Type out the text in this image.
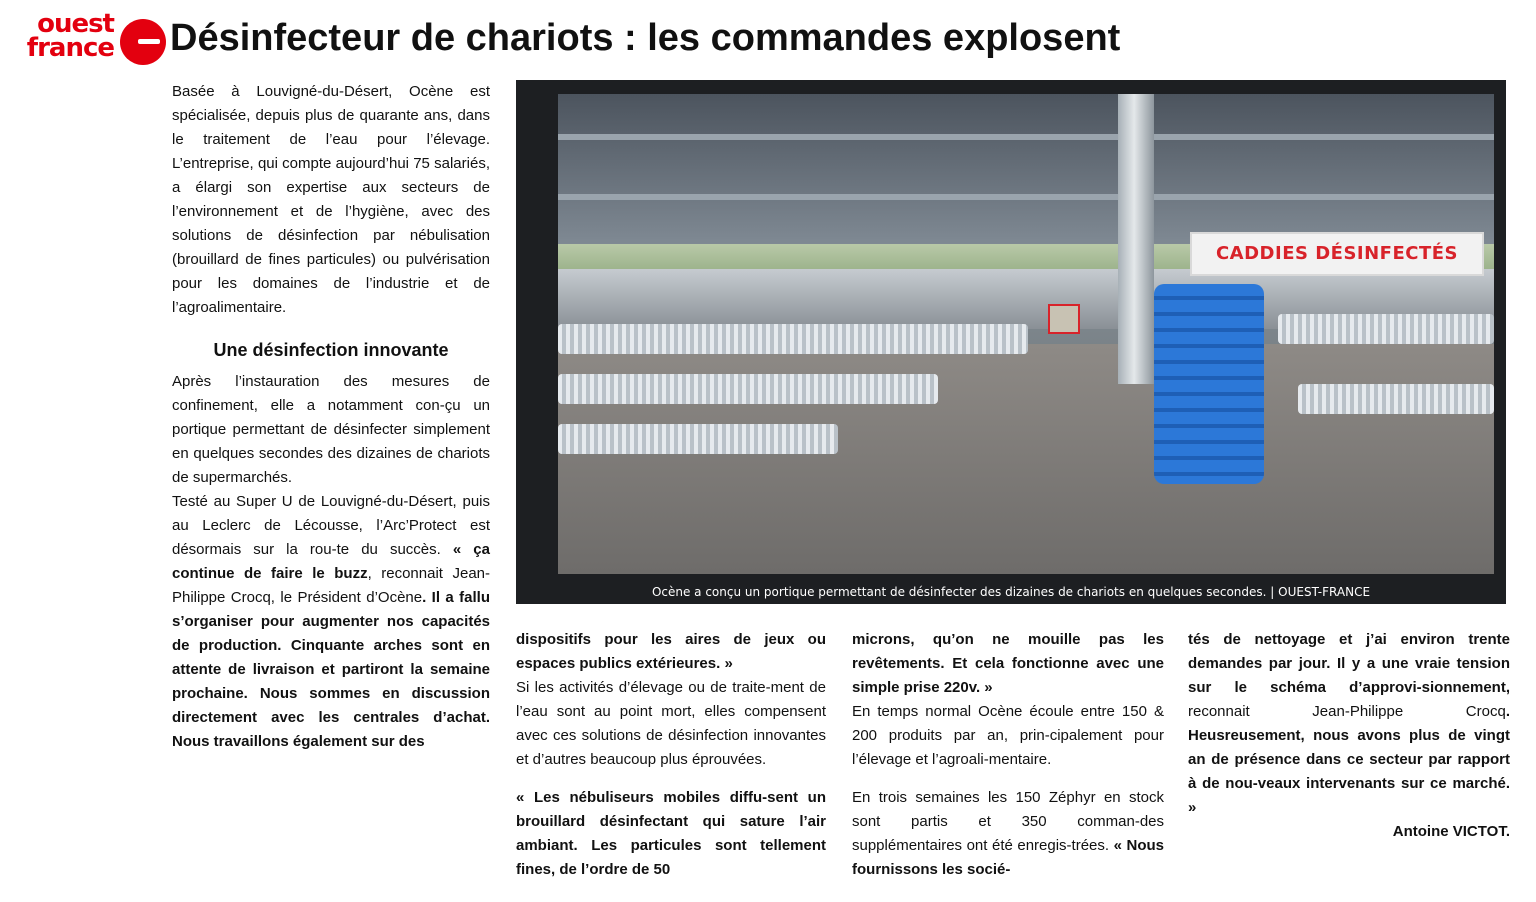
ouest
france Désinfecteur de chariots : les commandes explosent

Basée à Louvigné-du-Désert, Ocène est spécialisée, depuis plus de quarante ans, dans le traitement de l’eau pour l’élevage. L’entreprise, qui compte aujourd’hui 75 salariés, a élargi son expertise aux secteurs de l’environnement et de l’hygiène, avec des solutions de désinfection par nébulisation (brouillard de fines particules) ou pulvérisation pour les domaines de l’industrie et de l’agroalimentaire.

Une désinfection innovante

Après l’instauration des mesures de confinement, elle a notamment con-çu un portique permettant de désinfecter simplement en quelques secondes des dizaines de chariots de supermarchés.

Testé au Super U de Louvigné-du-Désert, puis au Leclerc de Lécousse, l’Arc’Protect est désormais sur la rou-te du succès. « ça continue de faire le buzz, reconnait Jean-Philippe Crocq, le Président d’Ocène. Il a fallu s’organiser pour augmenter nos capacités de production. Cinquante arches sont en attente de livraison et partiront la semaine prochaine. Nous sommes en discussion directement avec les centrales d’achat. Nous travaillons également sur des

CADDIES DÉSINFECTÉS
Ocène a conçu un portique permettant de désinfecter des dizaines de chariots en quelques secondes. | OUEST-FRANCE

dispositifs pour les aires de jeux ou espaces publics extérieures. »

Si les activités d’élevage ou de traite-ment de l’eau sont au point mort, elles compensent avec ces solutions de désinfection innovantes et d’autres beaucoup plus éprouvées.

« Les nébuliseurs mobiles diffu-sent un brouillard désinfectant qui sature l’air ambiant. Les particules sont tellement fines, de l’ordre de 50

microns, qu’on ne mouille pas les revêtements. Et cela fonctionne avec une simple prise 220v. »

En temps normal Ocène écoule entre 150 & 200 produits par an, prin-cipalement pour l’élevage et l’agroali-mentaire.

En trois semaines les 150 Zéphyr en stock sont partis et 350 comman-des supplémentaires ont été enregis-trées. « Nous fournissons les socié-

tés de nettoyage et j’ai environ trente demandes par jour. Il y a une vraie tension sur le schéma d’approvi-sionnement, reconnait Jean-Philippe Crocq. Heusreusement, nous avons plus de vingt an de présence dans ce secteur par rapport à de nou-veaux intervenants sur ce marché. »

Antoine VICTOT.
